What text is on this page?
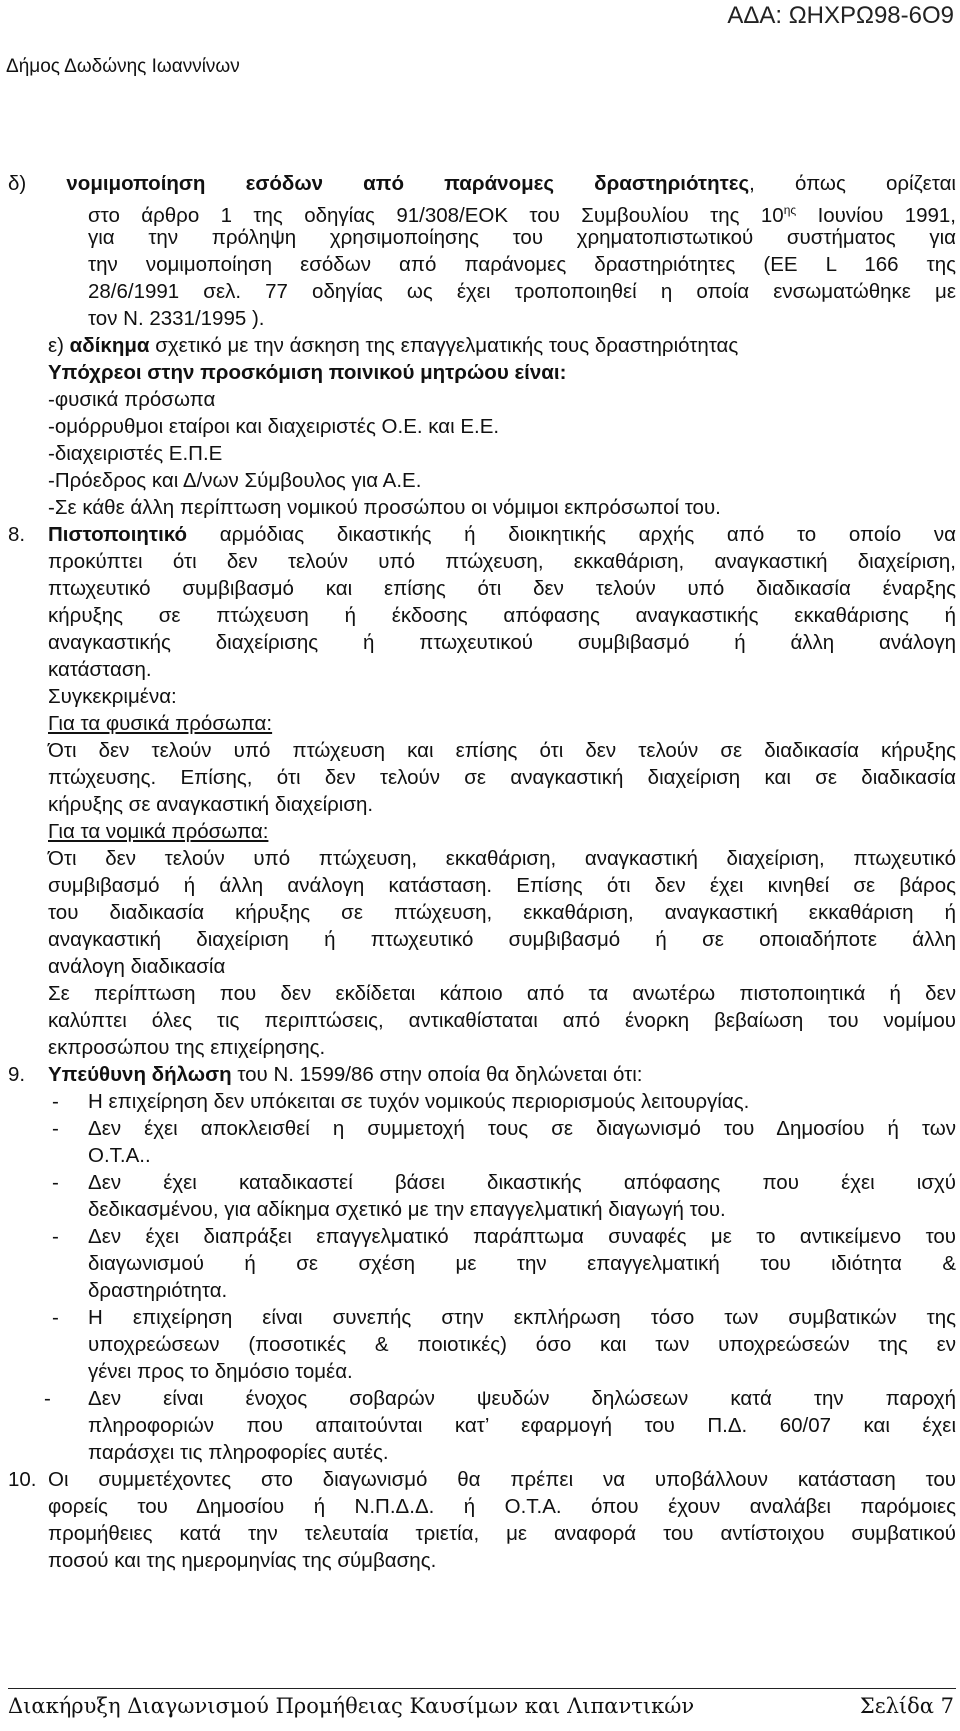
ΑΔΑ: ΩΗΧΡΩ98-6Ο9
Δήμος Δωδώνης Ιωαννίνων
δ) νομιμοποίηση εσόδων από παράνομες δραστηριότητες, όπως ορίζεται
στο άρθρο 1 της οδηγίας 91/308/ΕΟΚ του Συμβουλίου της $10^{\eta\varsigma}$ Ιουνίου 1991,
για την πρόληψη χρησιμοποίησης του χρηματοπιστωτικού συστήματος για
την νομιμοποίηση εσόδων από παράνομες δραστηριότητες (ΕΕ L 166 της
28/6/1991 σελ. 77 οδηγίας ως έχει τροποποιηθεί η οποία ενσωματώθηκε με
τον Ν. 2331/1995 ).
ε) αδίκημα σχετικό με την άσκηση της επαγγελματικής τους δραστηριότητας
Υπόχρεοι στην προσκόμιση ποινικού μητρώου είναι:
-φυσικά πρόσωπα
-ομόρρυθμοι εταίροι και διαχειριστές Ο.Ε. και Ε.Ε.
-διαχειριστές Ε.Π.Ε
-Πρόεδρος και Δ/νων Σύμβουλος για Α.Ε.
-Σε κάθε άλλη περίπτωση νομικού προσώπου οι νόμιμοι εκπρόσωποί του.
8. Πιστοποιητικό αρμόδιας δικαστικής ή διοικητικής αρχής από το οποίο να
προκύπτει ότι δεν τελούν υπό πτώχευση, εκκαθάριση, αναγκαστική διαχείριση,
πτωχευτικό συμβιβασμό και επίσης ότι δεν τελούν υπό διαδικασία έναρξης
κήρυξης σε πτώχευση ή έκδοσης απόφασης αναγκαστικής εκκαθάρισης ή
αναγκαστικής διαχείρισης ή πτωχευτικού συμβιβασμό ή άλλη ανάλογη
κατάσταση.
Συγκεκριμένα:
Για τα φυσικά πρόσωπα:
Ότι δεν τελούν υπό πτώχευση και επίσης ότι δεν τελούν σε διαδικασία κήρυξης
πτώχευσης. Επίσης, ότι δεν τελούν σε αναγκαστική διαχείριση και σε διαδικασία
κήρυξης σε αναγκαστική διαχείριση.
Για τα νομικά πρόσωπα:
Ότι δεν τελούν υπό πτώχευση, εκκαθάριση, αναγκαστική διαχείριση, πτωχευτικό
συμβιβασμό ή άλλη ανάλογη κατάσταση. Επίσης ότι δεν έχει κινηθεί σε βάρος
του διαδικασία κήρυξης σε πτώχευση, εκκαθάριση, αναγκαστική εκκαθάριση ή
αναγκαστική διαχείριση ή πτωχευτικό συμβιβασμό ή σε οποιαδήποτε άλλη
ανάλογη διαδικασία
Σε περίπτωση που δεν εκδίδεται κάποιο από τα ανωτέρω πιστοποιητικά ή δεν
καλύπτει όλες τις περιπτώσεις, αντικαθίσταται από ένορκη βεβαίωση του νομίμου
εκπροσώπου της επιχείρησης.
9. Υπεύθυνη δήλωση του Ν. 1599/86 στην οποία θα δηλώνεται ότι:
- Η επιχείρηση δεν υπόκειται σε τυχόν νομικούς περιορισμούς λειτουργίας.
- Δεν έχει αποκλεισθεί η συμμετοχή τους σε διαγωνισμό του Δημοσίου ή των
Ο.Τ.Α..
- Δεν έχει καταδικαστεί βάσει δικαστικής απόφασης που έχει ισχύ
δεδικασμένου, για αδίκημα σχετικό με την επαγγελματική διαγωγή του.
- Δεν έχει διαπράξει επαγγελματικό παράπτωμα συναφές με το αντικείμενο του
διαγωνισμού ή σε σχέση με την επαγγελματική του ιδιότητα &
δραστηριότητα.
- Η επιχείρηση είναι συνεπής στην εκπλήρωση τόσο των συμβατικών της
υποχρεώσεων (ποσοτικές & ποιοτικές) όσο και των υποχρεώσεών της εν
γένει προς το δημόσιο τομέα.
- Δεν είναι ένοχος σοβαρών ψευδών δηλώσεων κατά την παροχή
πληροφοριών που απαιτούνται κατ’ εφαρμογή του Π.Δ. 60/07 και έχει
παράσχει τις πληροφορίες αυτές.
10. Οι συμμετέχοντες στο διαγωνισμό θα πρέπει να υποβάλλουν κατάσταση του
φορείς του Δημοσίου ή Ν.Π.Δ.Δ. ή Ο.Τ.Α. όπου έχουν αναλάβει παρόμοιες
προμήθειες κατά την τελευταία τριετία, με αναφορά του αντίστοιχου συμβατικού
ποσού και της ημερομηνίας της σύμβασης.
Διακήρυξη Διαγωνισμού Προμήθειας Καυσίμων και Λιπαντικών	Σελίδα 7
